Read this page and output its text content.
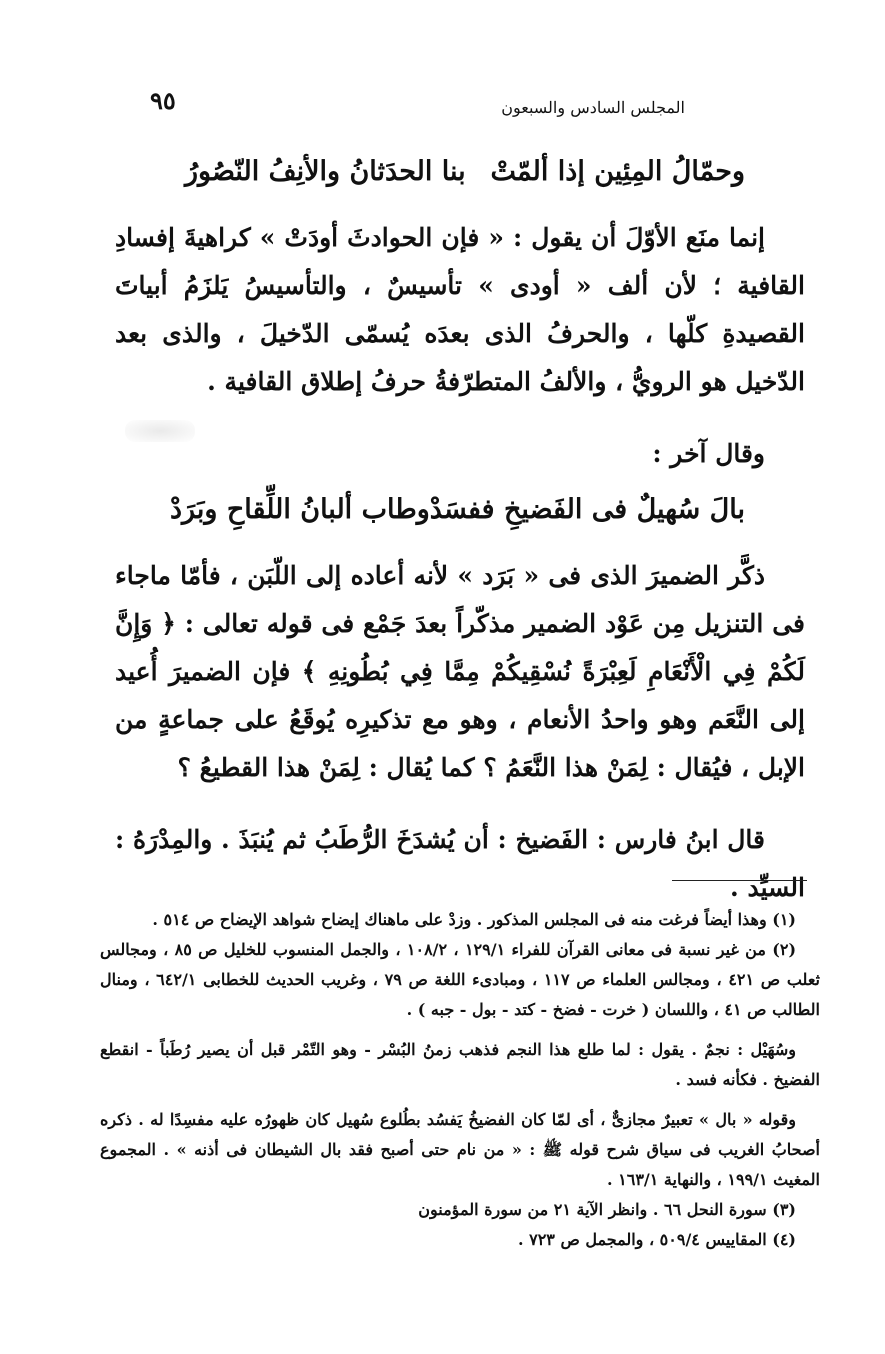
٩٥	المجلس السادس والسبعون
وحمّالُ المِئِين إذا ألمّتْ
بنا الحدَثانُ والأنِفُ النّصُورُ

إنما منَع الأوّلَ أن يقول : « فإن الحوادثَ أودَتْ » كراهيةَ إفسادِ القافية ؛ لأن ألف « أودى » تأسيسٌ ، والتأسيسُ يَلزَمُ أبياتَ القصيدةِ كلّها ، والحرفُ الذى بعدَه يُسمّى الدّخيلَ ، والذى بعد الدّخيل هو الرويُّ ، والألفُ المتطرّفةُ حرفُ إطلاق القافية .

وقال آخر :

بالَ سُهيلٌ فى الفَضيخِ ففسَدْ
وطاب ألبانُ اللِّقاحِ وبَرَدْ

ذكَّر الضميرَ الذى فى « بَرَد » لأنه أعاده إلى اللّبَن ، فأمّا ماجاء فى التنزيل مِن عَوْد الضمير مذكّراً بعدَ جَمْع فى قوله تعالى : ﴿ وَإِنَّ لَكُمْ فِي الْأَنْعَامِ لَعِبْرَةً نُسْقِيكُمْ مِمَّا فِي بُطُونِهِ ﴾ فإن الضميرَ أُعيد إلى النَّعَم وهو واحدُ الأنعام ، وهو مع تذكيرِه يُوقَعُ على جماعةٍ من الإبل ، فيُقال : لِمَنْ هذا النَّعَمُ ؟ كما يُقال : لِمَنْ هذا القطيعُ ؟

قال ابنُ فارس : الفَضيخ : أن يُشدَخَ الرُّطَبُ ثم يُنبَذَ . والمِدْرَهُ : السيِّد .

(١) وهذا أيضاً فرغت منه فى المجلس المذكور . وزدْ على ماهناك إيضاح شواهد الإيضاح ص ٥١٤ .

(٢) من غير نسبة فى معانى القرآن للفراء ١٢٩/١ ، ١٠٨/٢ ، والجمل المنسوب للخليل ص ٨٥ ، ومجالس ثعلب ص ٤٢١ ، ومجالس العلماء ص ١١٧ ، ومبادىء اللغة ص ٧٩ ، وغريب الحديث للخطابى ٦٤٢/١ ، ومنال الطالب ص ٤١ ، واللسان ( خرت - فضخ - كتد - بول - جبه ) .

وسُهَيْل : نجمٌ . يقول : لما طلع هذا النجم فذهب زمنُ البُسْر - وهو التّمْر قبل أن يصير رُطَباً - انقطع الفضيخ . فكأنه فسد .

وقوله « بال » تعبيرٌ مجازىٌّ ، أى لمّا كان الفضيخُ يَفسُد بطُلوع سُهيل كان ظهورُه عليه مفسِدًا له . ذكره أصحابُ الغريب فى سياق شرح قوله ﷺ : « من نام حتى أصبح فقد بال الشيطان فى أذنه » . المجموع المغيث ١٩٩/١ ، والنهاية ١٦٣/١ .

(٣) سورة النحل ٦٦ . وانظر الآية ٢١ من سورة المؤمنون

(٤) المقاييس ٥٠٩/٤ ، والمجمل ص ٧٢٣ .
